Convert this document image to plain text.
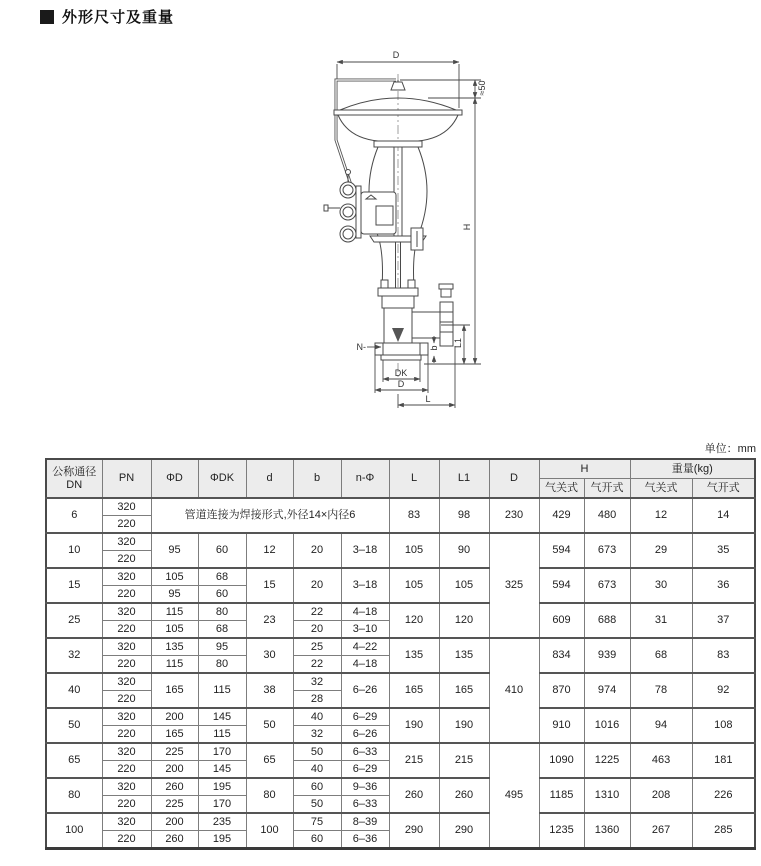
外形尺寸及重量
D
N-
DK
D
L
b L1
≈50
H
单位：mm
公称通径
DN	PN	ΦD	ΦDK	d	b	n-Φ	L	L1	D	H		重量(kg)	
										气关式	气开式	气关式	气开式
6	320	管道连接为焊接形式,外径14×内径6					83	98	230	429	480	12	14
	220												
10	320	95	60	12	20	3–18	105	90	325	594	673	29	35
	220												
15	320	105	68	15	20	3–18	105	105		594	673	30	36
	220	95	60										
25	320	115	80	23	22	4–18	120	120		609	688	31	37
	220	105	68		20	3–10							
32	320	135	95	30	25	4–22	135	135	410	834	939	68	83
	220	115	80		22	4–18							
40	320	165	115	38	32	6–26	165	165		870	974	78	92
	220				28								
50	320	200	145	50	40	6–29	190	190		910	1016	94	108
	220	165	115		32	6–26							
65	320	225	170	65	50	6–33	215	215	495	1090	1225	463	181
	220	200	145		40	6–29							
80	320	260	195	80	60	9–36	260	260		1185	1310	208	226
	220	225	170		50	6–33							
100	320	200	235	100	75	8–39	290	290		1235	1360	267	285
	220	260	195		60	6–36							
